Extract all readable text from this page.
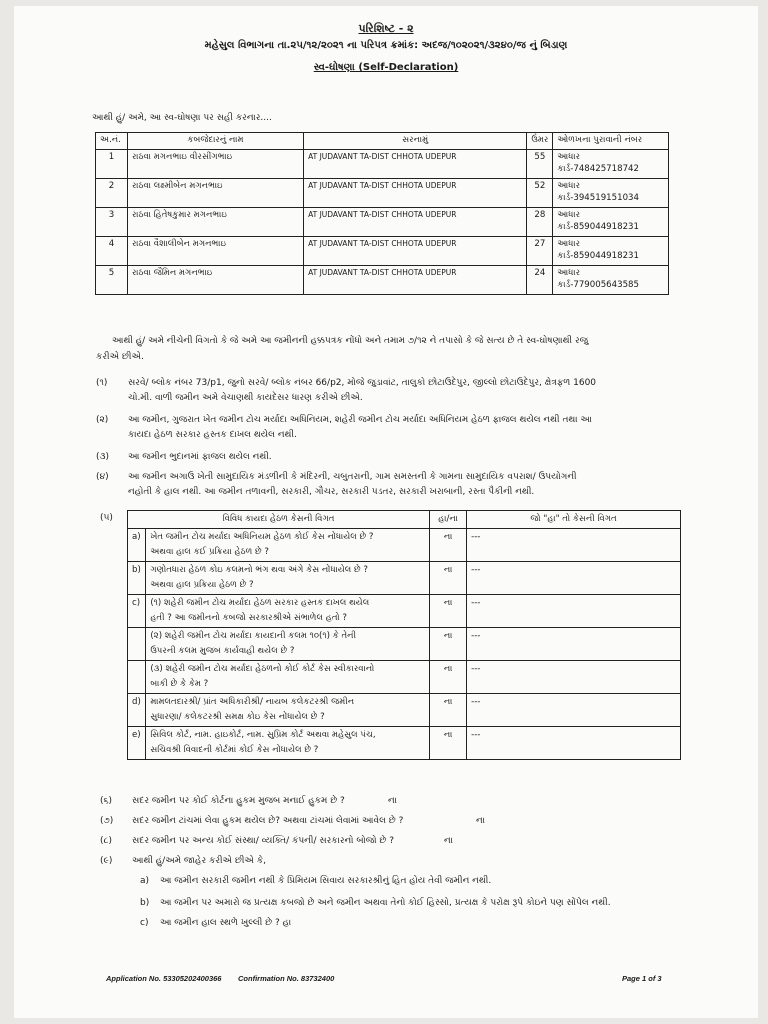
પરિશિષ્ટ - ૨
મહેસુલ વિભાગના તા.૨૫/૧૨/૨૦૨૧ ના પરિપત્ર ક્રમાંક: અદજ/૧૦૨૦૨૧/૩૨૪૦/જ નું બિડાણ
સ્વ-ઘોષણા (Self-Declaration)
આથી હું/ અમે, આ સ્વ-ઘોષણા પર સહી કરનાર....
અ.નં.	કબજેદારનું નામ	સરનામું	ઉંમર	ઓળખના પુરાવાની નંબર
1	રાઠવા મગનભાઇ વીરસીંગભાઇ	AT JUDAVANT TA-DIST CHHOTA UDEPUR	55	આધાર
કાર્ડ-748425718742

2	રાઠવા લક્ષ્મીબેન મગનભાઇ	AT JUDAVANT TA-DIST CHHOTA UDEPUR	52	આધાર
કાર્ડ-394519151034

3	રાઠવા હિતેષકુમાર મગનભાઇ	AT JUDAVANT TA-DIST CHHOTA UDEPUR	28	આધાર
કાર્ડ-859044918231

4	રાઠવા વૈશાલીબેન મગનભાઇ	AT JUDAVANT TA-DIST CHHOTA UDEPUR	27	આધાર
કાર્ડ-859044918231

5	રાઠવા જૈમિન મગનભાઇ	AT JUDAVANT TA-DIST CHHOTA UDEPUR	24	આધાર
કાર્ડ-779005643585
આથી હું/ અમે નીચેની વિગતો કે જે અમે આ જમીનની હક્કપત્રક નોંધો અને તમામ ૭/૧૨ ને તપાસો કે જે સત્ય છે તે સ્વ-ઘોષણાથી રજુ
કરીએ છીએ.
(૧) સરવે/ બ્લોક નંબર 73/p1, જુનો સરવે/ બ્લોક નંબર 66/p2, મોજે જુડાવાંટ, તાલુકો છોટાઉદેપુર, જીલ્લો છોટાઉદેપુર, ક્ષેત્રફળ 1600
ચો.મી. વાળી જમીન અમે વેચાણથી કાયદેસર ધારણ કરીએ છીએ.
(૨) આ જમીન, ગુજરાત ખેત જમીન ટોચ મર્યાદા અધિનિયમ, શહેરી જમીન ટોચ મર્યાદા અધિનિયમ હેઠળ ફાજલ થયેલ નથી તથા આ
કાયદા હેઠળ સરકાર હસ્તક દાખલ થયેલ નથી.
(૩) આ જમીન ભુદાનમાં ફાજલ થયેલ નથી.
(૪) આ જમીન અગાઉ ખેતી સામુદાયિક મંડળીની કે મંદિરની, ચબુતરાની, ગામ સમસ્તની કે ગામના સામુદાયિક વપરાશ/ ઉપયોગની
નહોતી કે હાલ નથી. આ જમીન તળાવની, સરકારી, ગૌચર, સરકારી પડતર, સરકારી ખરાબાની, રસ્તા પૈકીની નથી.
(૫)	વિવિધ કાયદા હેઠળ કેસની વિગત		હા/ના	જો "હા" તો કેસની વિગત
a)	ખેત જમીન ટોચ મર્યાદા અધિનિયમ હેઠળ કોઈ કેસ નોંધાયેલ છે ?
અથવા હાલ કઈ પ્રક્રિયા હેઠળ છે ?	ના	---
b)	ગણોતધારા હેઠળ કોઇ કલમનો ભંગ થવા અંગે કેસ નોંધાયેલ છે ?
અથવા હાલ પ્રક્રિયા હેઠળ છે ?	ના	---
c)	(૧) શહેરી જમીન ટોચ મર્યાદા હેઠળ સરકાર હસ્તક દાખલ થયેલ
હતી ? આ જમીનનો કબજો સરકારશ્રીએ સંભાળેલ હતો ?	ના	---

	(૨) શહેરી જમીન ટોચ મર્યાદા કાયદાની કલમ ૧૦(૧) કે તેની
ઉપરની કલમ મુજબ કાર્યવાહી થયેલ છે ?	ના	---

	(૩) શહેરી જમીન ટોચ મર્યાદા હેઠળનો કોઈ કોર્ટ કેસ સ્વીકારવાનો
બાકી છે કે કેમ ?	ના	---
d)	મામલતદારશ્રી/ પ્રાંત અધિકારીશ્રી/ નાયબ કલેકટરશ્રી જમીન
સુધારણા/ કલેકટરશ્રી સમક્ષ કોઇ કેસ નોંધાયેલ છે ?	ના	---
e)	સિવિલ કોર્ટ, નામ. હાઇકોર્ટ, નામ. સુપ્રિમ કોર્ટ અથવા મહેસુલ પંચ,
સચિવશ્રી વિવાદની કોર્ટમાં કોઈ કેસ નોંધાયેલ છે ?	ના	---
(૬) સદર જમીન પર કોઈ કોર્ટના હુકમ મુજબ મનાઈ હુકમ છે ?	ના
(૭) સદર જમીન ટાંચમાં લેવા હુકમ થયેલ છે? અથવા ટાંચમાં લેવામાં આવેલ છે ?	ના
(૮) સદર જમીન પર અન્ય કોઈ સંસ્થા/ વ્યક્તિ/ કંપની/ સરકારનો બોજો છે ?	ના
(૯) આથી હું/અમે જાહેર કરીએ છીએ કે,
a) આ જમીન સરકારી જમીન નથી કે પ્રિમિયમ સિવાય સરકારશ્રીનું હિત હોય તેવી જમીન નથી.
b) આ જમીન પર અમારો જ પ્રત્યક્ષ કબજો છે અને જમીન અથવા તેનો કોઈ હિસ્સો, પ્રત્યક્ષ કે પરોક્ષ રૂપે કોઇને પણ સોંપેલ નથી.
c) આ જમીન હાલ સ્થળે ખુલ્લી છે ? હા
Application No. 53305202400366 Confirmation No. 83732400	Page 1 of 3
